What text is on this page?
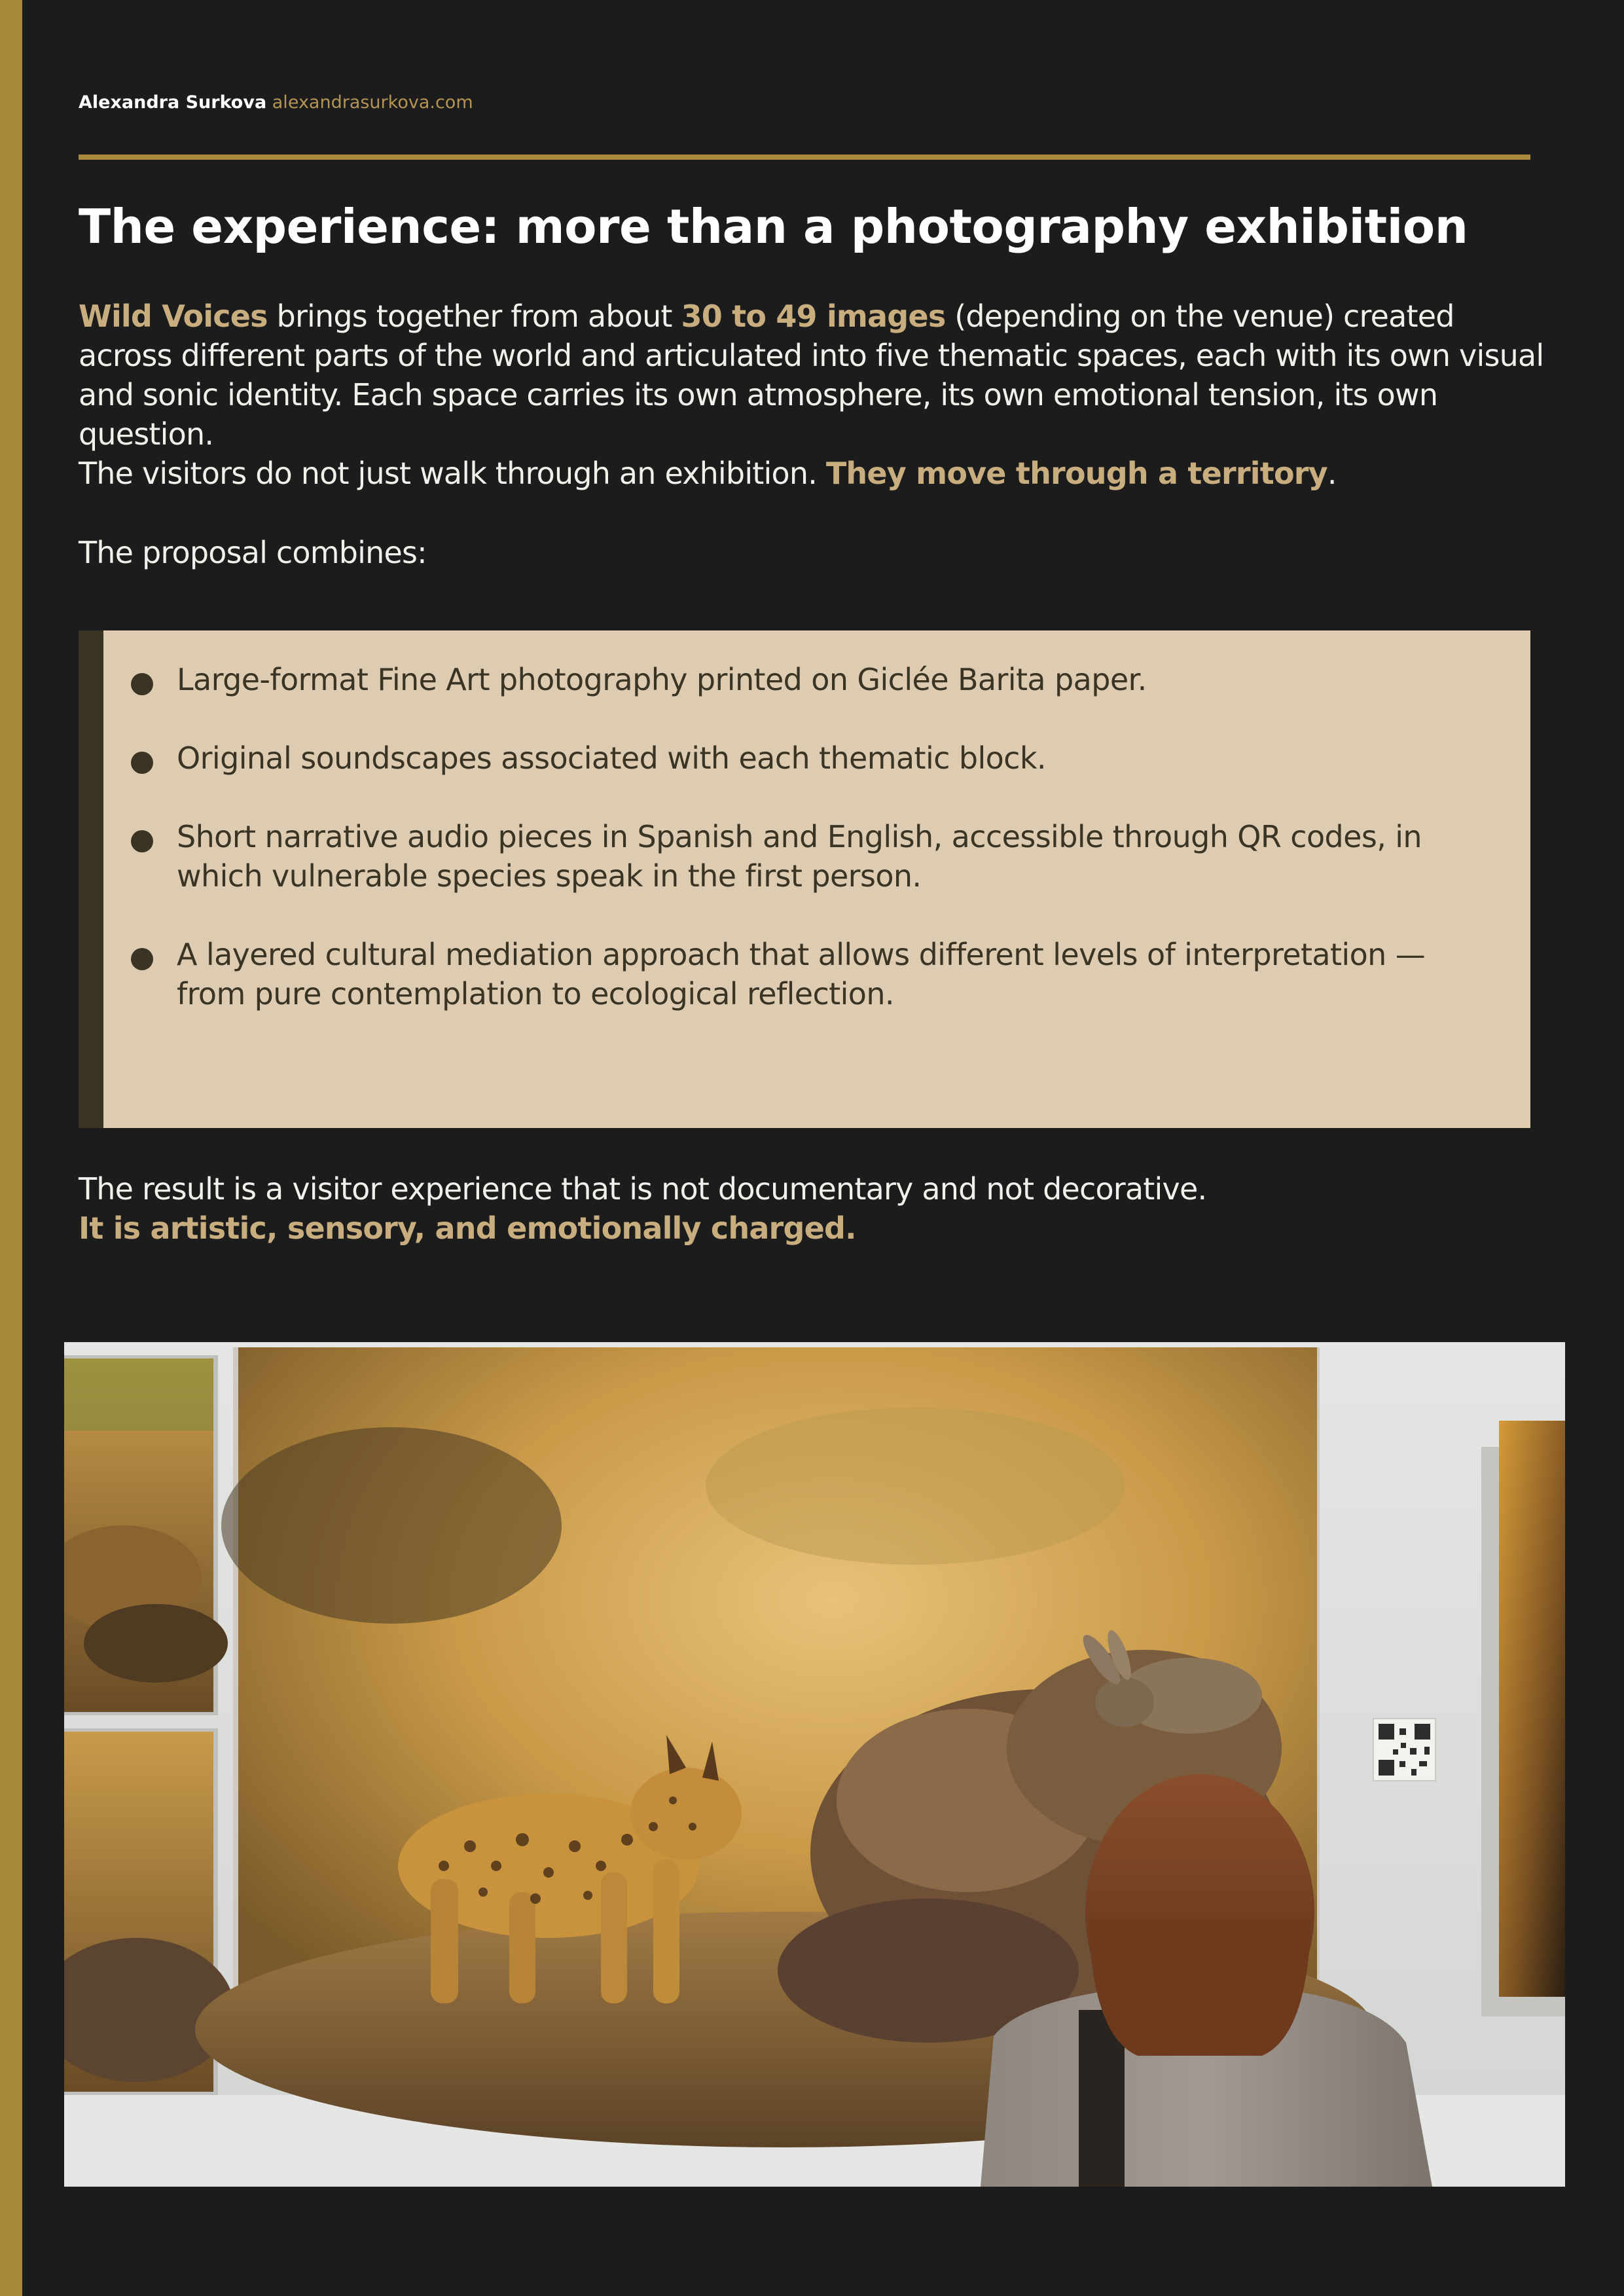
Alexandra Surkova alexandrasurkova.com
The experience: more than a photography exhibition

Wild Voices brings together from about 30 to 49 images (depending on the venue) created across different parts of the world and articulated into five thematic spaces, each with its own visual and sonic identity. Each space carries its own atmosphere, its own emotional tension, its own question.

The visitors do not just walk through an exhibition. They move through a territory.

The proposal combines:

Large-format Fine Art photography printed on Giclée Barita paper.
Original soundscapes associated with each thematic block.
Short narrative audio pieces in Spanish and English, accessible through QR codes, in which vulnerable species speak in the first person.
A layered cultural mediation approach that allows different levels of interpretation — from pure contemplation to ecological reflection.

The result is a visitor experience that is not documentary and not decorative.
It is artistic, sensory, and emotionally charged.
